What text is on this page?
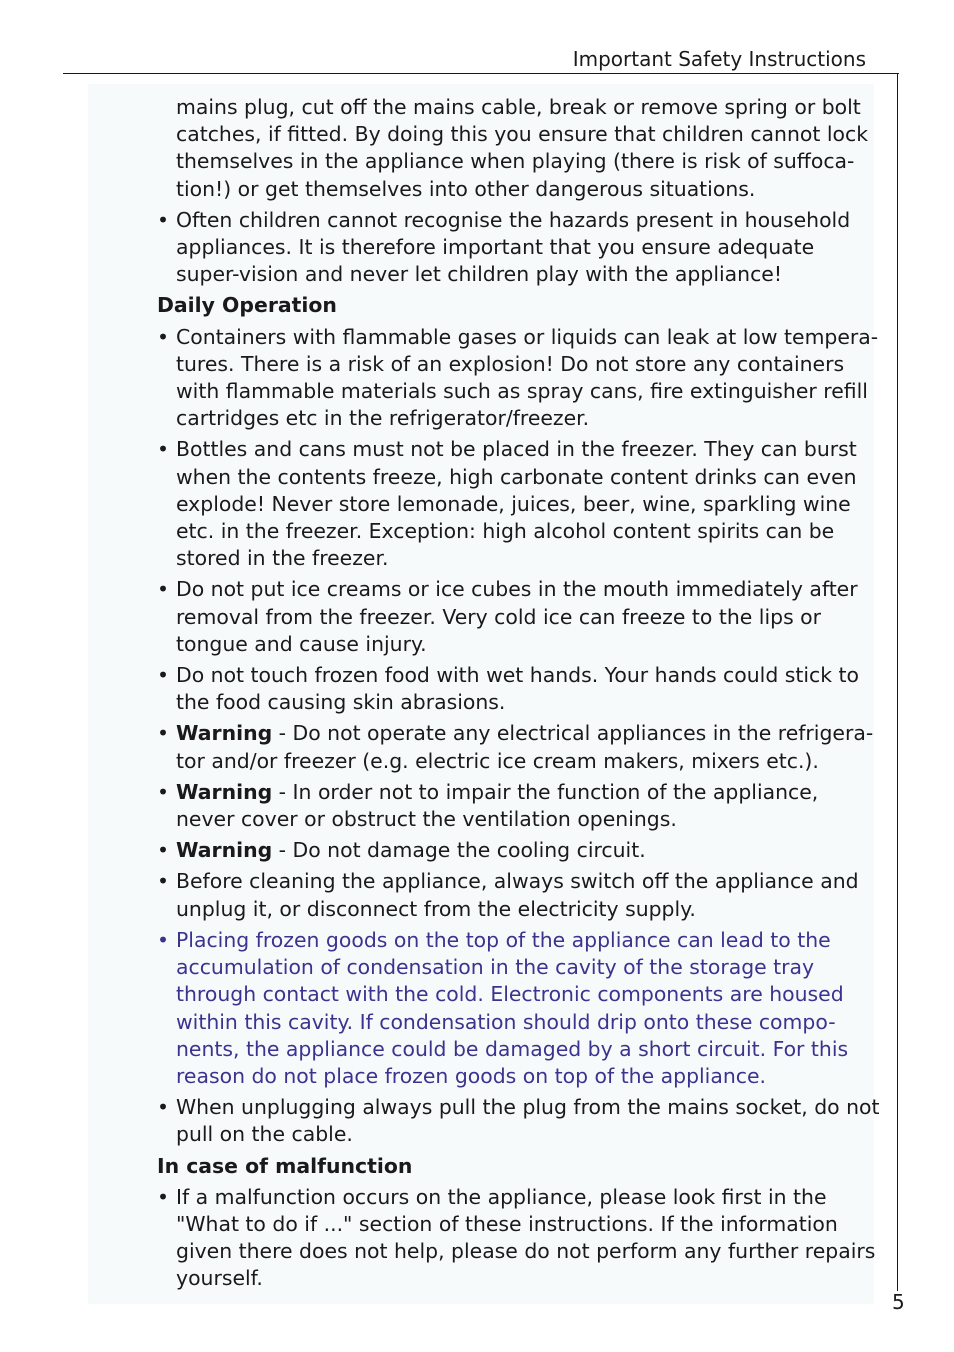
Important Safety Instructions

mains plug, cut off the mains cable, break or remove spring or bolt catches, if fitted. By doing this you ensure that children cannot lock themselves in the appliance when playing (there is risk of suffoca-tion!) or get themselves into other dangerous situations.

• Often children cannot recognise the hazards present in household appliances. It is therefore important that you ensure adequate super-vision and never let children play with the appliance!
Daily Operation
• Containers with flammable gases or liquids can leak at low tempera-tures. There is a risk of an explosion! Do not store any containers with flammable materials such as spray cans, fire extinguisher refill cartridges etc in the refrigerator/freezer.
• Bottles and cans must not be placed in the freezer. They can burst when the contents freeze, high carbonate content drinks can even explode! Never store lemonade, juices, beer, wine, sparkling wine etc. in the freezer. Exception: high alcohol content spirits can be stored in the freezer.
• Do not put ice creams or ice cubes in the mouth immediately after removal from the freezer. Very cold ice can freeze to the lips or tongue and cause injury.
• Do not touch frozen food with wet hands. Your hands could stick to the food causing skin abrasions.
• Warning - Do not operate any electrical appliances in the refrigera-tor and/or freezer (e.g. electric ice cream makers, mixers etc.).
• Warning - In order not to impair the function of the appliance, never cover or obstruct the ventilation openings.
• Warning - Do not damage the cooling circuit.
• Before cleaning the appliance, always switch off the appliance and unplug it, or disconnect from the electricity supply.
• Placing frozen goods on the top of the appliance can lead to the accumulation of condensation in the cavity of the storage tray through contact with the cold. Electronic components are housed within this cavity. If condensation should drip onto these compo-nents, the appliance could be damaged by a short circuit. For this reason do not place frozen goods on top of the appliance.
• When unplugging always pull the plug from the mains socket, do not pull on the cable.
In case of malfunction
• If a malfunction occurs on the appliance, please look first in the "What to do if ..." section of these instructions. If the information given there does not help, please do not perform any further repairs yourself.
5
